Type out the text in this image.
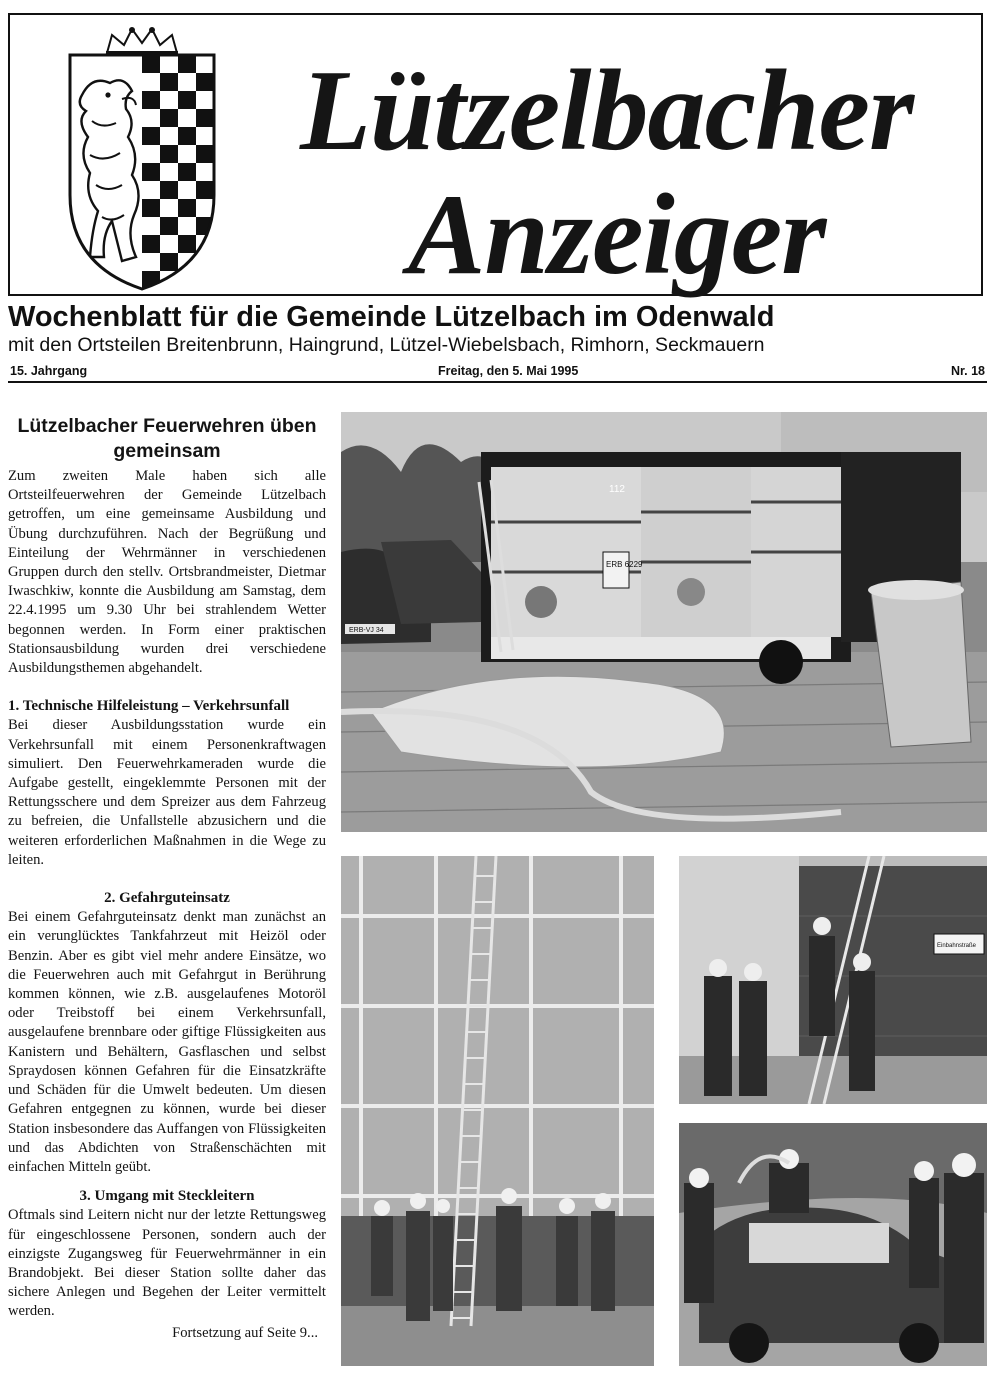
Lützelbacher
Anzeiger
Wochenblatt für die Gemeinde Lützelbach im Odenwald
mit den Ortsteilen Breitenbrunn, Haingrund, Lützel-Wiebelsbach, Rimhorn, Seckmauern
15. Jahrgang	Freitag, den 5. Mai 1995	Nr. 18
Lützelbacher Feuerwehren üben gemeinsam

Zum zweiten Male haben sich alle Ortsteilfeuerwehren der Gemeinde Lützelbach getroffen, um eine gemeinsame Ausbildung und Übung durchzuführen. Nach der Begrüßung und Einteilung der Wehrmänner in verschiedenen Gruppen durch den stellv. Ortsbrandmeister, Dietmar Iwaschkiw, konnte die Ausbildung am Samstag, dem 22.4.1995 um 9.30 Uhr bei strahlendem Wetter begonnen werden. In Form einer praktischen Stationsausbildung wurden drei verschiedene Ausbildungsthemen abgehandelt.

1. Technische Hilfeleistung – Verkehrsunfall

Bei dieser Ausbildungsstation wurde ein Verkehrsunfall mit einem Personenkraftwagen simuliert. Den Feuerwehrkameraden wurde die Aufgabe gestellt, eingeklemmte Personen mit der Rettungsschere und dem Spreizer aus dem Fahrzeug zu befreien, die Unfallstelle abzusichern und die weiteren erforderlichen Maßnahmen in die Wege zu leiten.

2. Gefahrguteinsatz

Bei einem Gefahrguteinsatz denkt man zunächst an ein verunglücktes Tankfahrzeut mit Heizöl oder Benzin. Aber es gibt viel mehr andere Einsätze, wo die Feuerwehren auch mit Gefahrgut in Berührung kommen können, wie z.B. ausgelaufenes Motoröl oder Treibstoff bei einem Verkehrsunfall, ausgelaufene brennbare oder giftige Flüssigkeiten aus Kanistern und Behältern, Gasflaschen und selbst Spraydosen können Gefahren für die Einsatzkräfte und Schäden für die Umwelt bedeuten. Um diesen Gefahren entgegnen zu können, wurde bei dieser Station insbesondere das Auffangen von Flüssigkeiten und das Abdichten von Straßenschächten mit einfachen Mitteln geübt.

3. Umgang mit Steckleitern

Oftmals sind Leitern nicht nur der letzte Rettungsweg für eingeschlossene Personen, sondern auch der einzigste Zugangsweg für Feuerwehrmänner in ein Brandobjekt. Bei dieser Station sollte daher das sichere Anlegen und Begehen der Leiter vermittelt werden.

Fortsetzung auf Seite 9...

ERB-VJ 34
ERB 6229
112
Einbahnstraße
